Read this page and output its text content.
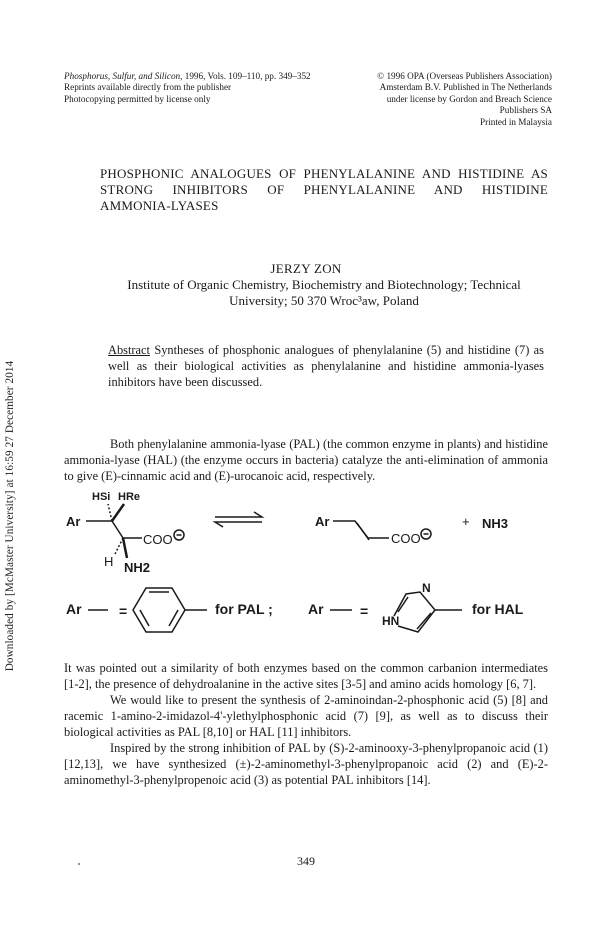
Downloaded by [McMaster University] at 16:59 27 December 2014
Phosphorus, Sulfur, and Silicon, 1996, Vols. 109–110, pp. 349–352
Reprints available directly from the publisher
Photocopying permitted by license only
© 1996 OPA (Overseas Publishers Association)
Amsterdam B.V. Published in The Netherlands
under license by Gordon and Breach Science
Publishers SA
Printed in Malaysia
PHOSPHONIC ANALOGUES OF PHENYLALANINE AND HISTIDINE AS
STRONG INHIBITORS OF PHENYLALANINE AND HISTIDINE
AMMONIA-LYASES
JERZY ZON
Institute of Organic Chemistry, Biochemistry and Biotechnology; Technical
University; 50 370 Wroc³aw, Poland
Abstract Syntheses of phosphonic analogues of phenylalanine (5) and histidine (7) as well as their biological activities as phenylalanine and histidine ammonia-lyases inhibitors have been discussed.
Both phenylalanine ammonia-lyase (PAL) (the common enzyme in plants) and histidine ammonia-lyase (HAL) (the enzyme occurs in bacteria) catalyze the anti-elimination of ammonia to give (E)-cinnamic acid and (E)-urocanoic acid, respectively.
Ar
HSi HRe
COO
H NH2
Ar
COO
+ NH3
Ar	=	for PAL ;	Ar	=
HN
N
for HAL

It was pointed out a similarity of both enzymes based on the common carbanion intermediates [1-2], the presence of dehydroalanine in the active sites [3-5] and amino acids homology [6, 7].

We would like to present the synthesis of 2-aminoindan-2-phosphonic acid (5) [8] and racemic 1-amino-2-imidazol-4'-ylethylphosphonic acid (7) [9], as well as to discuss their biological activities as PAL [8,10] or HAL [11] inhibitors.

Inspired by the strong inhibition of PAL by (S)-2-aminooxy-3-phenylpropanoic acid (1) [12,13], we have synthesized (±)-2-aminomethyl-3-phenylpropanoic acid (2) and (E)-2-aminomethyl-3-phenylpropenoic acid (3) as potential PAL inhibitors [14].

349
